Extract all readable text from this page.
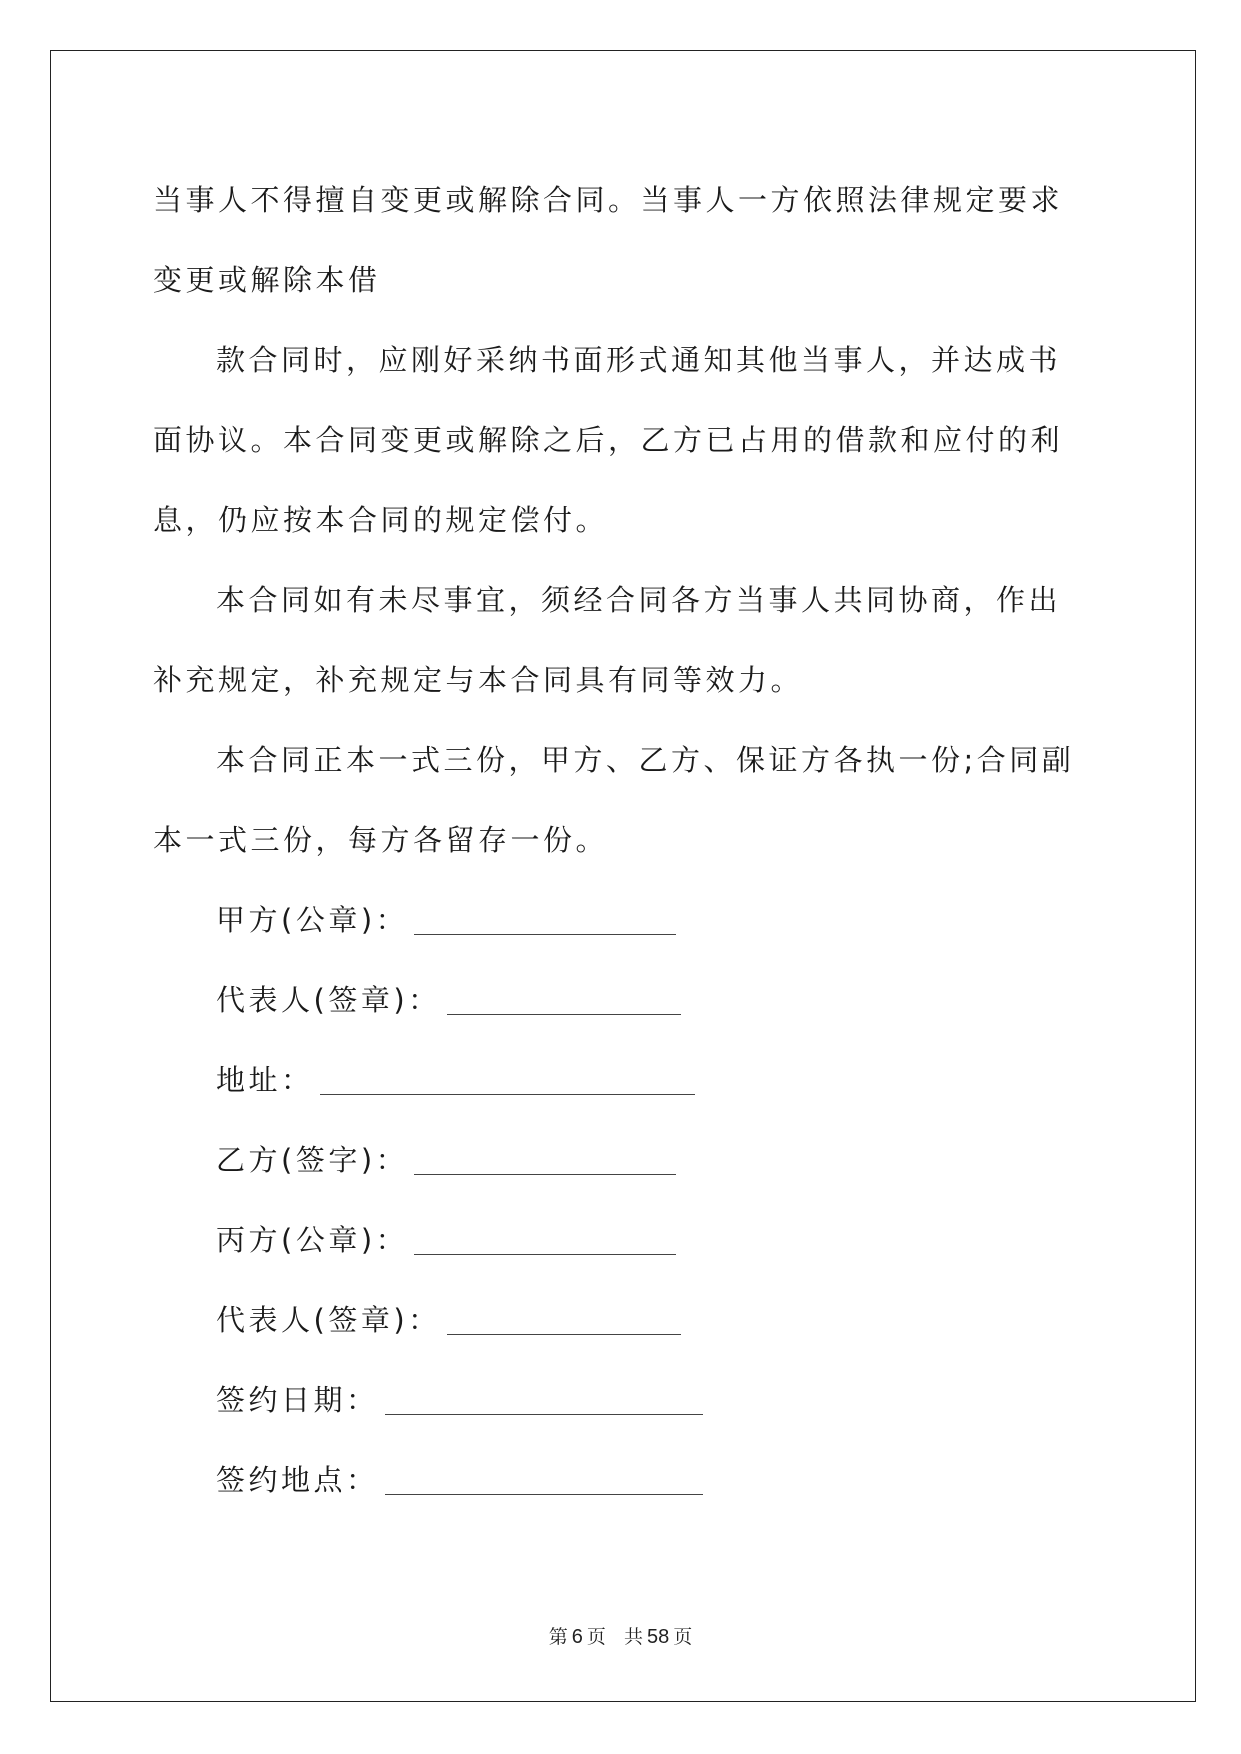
当事人不得擅自变更或解除合同。当事人一方依照法律规定要求变更或解除本借

款合同时，应刚好采纳书面形式通知其他当事人，并达成书面协议。本合同变更或解除之后，乙方已占用的借款和应付的利息，仍应按本合同的规定偿付。

本合同如有未尽事宜，须经合同各方当事人共同协商，作出补充规定，补充规定与本合同具有同等效力。

本合同正本一式三份，甲方、乙方、保证方各执一份;合同副本一式三份，每方各留存一份。

甲方(公章)：
代表人(签章)：
地址：
乙方(签字)：
丙方(公章)：
代表人(签章)：
签约日期：
签约地点：
第 6 页 共 58 页
